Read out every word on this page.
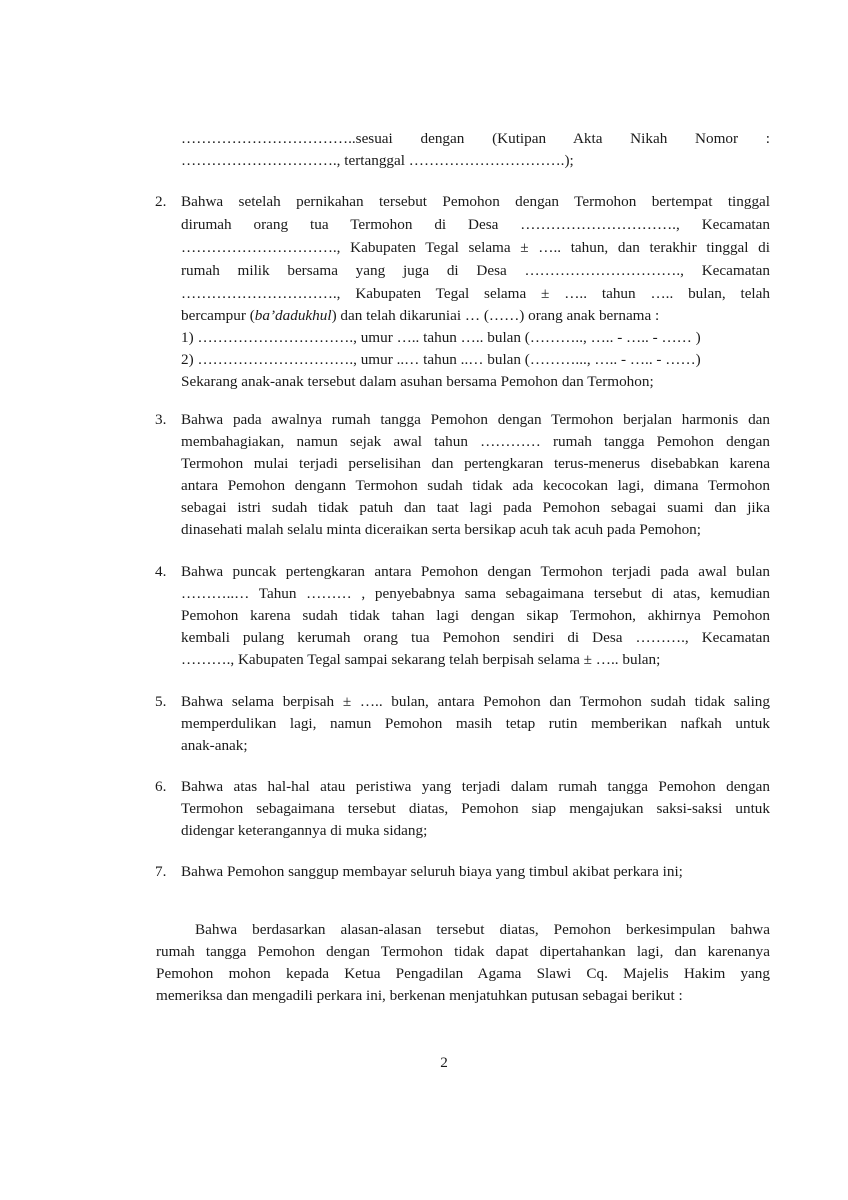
……………………………..sesuai dengan (Kutipan Akta Nikah Nomor :
…………………………., tertanggal ………………………….);
2. Bahwa setelah pernikahan tersebut Pemohon dengan Termohon bertempat tinggal
dirumah orang tua Termohon di Desa …………………………., Kecamatan
…………………………., Kabupaten Tegal selama ± ….. tahun, dan terakhir tinggal di
rumah milik bersama yang juga di Desa …………………………., Kecamatan
…………………………., Kabupaten Tegal selama ± ….. tahun ….. bulan, telah
bercampur (ba’dadukhul) dan telah dikaruniai … (……) orang anak bernama :
1) …………………………., umur ….. tahun ….. bulan (……….., ….. - ….. - …… )
2) …………………………., umur ..… tahun ..… bulan (………..., ….. - ….. - ……)
Sekarang anak-anak tersebut dalam asuhan bersama Pemohon dan Termohon;
3. Bahwa pada awalnya rumah tangga Pemohon dengan Termohon berjalan harmonis dan
membahagiakan, namun sejak awal tahun ………… rumah tangga Pemohon dengan
Termohon mulai terjadi perselisihan dan pertengkaran terus-menerus disebabkan karena
antara Pemohon dengann Termohon sudah tidak ada kecocokan lagi, dimana Termohon
sebagai istri sudah tidak patuh dan taat lagi pada Pemohon sebagai suami dan jika
dinasehati malah selalu minta diceraikan serta bersikap acuh tak acuh pada Pemohon;
4. Bahwa puncak pertengkaran antara Pemohon dengan Termohon terjadi pada awal bulan
………..… Tahun ……… , penyebabnya sama sebagaimana tersebut di atas, kemudian
Pemohon karena sudah tidak tahan lagi dengan sikap Termohon, akhirnya Pemohon
kembali pulang kerumah orang tua Pemohon sendiri di Desa ………., Kecamatan
………., Kabupaten Tegal sampai sekarang telah berpisah selama ± ….. bulan;
5. Bahwa selama berpisah ± ….. bulan, antara Pemohon dan Termohon sudah tidak saling
memperdulikan lagi, namun Pemohon masih tetap rutin memberikan nafkah untuk
anak-anak;
6. Bahwa atas hal-hal atau peristiwa yang terjadi dalam rumah tangga Pemohon dengan
Termohon sebagaimana tersebut diatas, Pemohon siap mengajukan saksi-saksi untuk
didengar keterangannya di muka sidang;
7. Bahwa Pemohon sanggup membayar seluruh biaya yang timbul akibat perkara ini;
Bahwa berdasarkan alasan-alasan tersebut diatas, Pemohon berkesimpulan bahwa
rumah tangga Pemohon dengan Termohon tidak dapat dipertahankan lagi, dan karenanya
Pemohon mohon kepada Ketua Pengadilan Agama Slawi Cq. Majelis Hakim yang
memeriksa dan mengadili perkara ini, berkenan menjatuhkan putusan sebagai berikut :
2
